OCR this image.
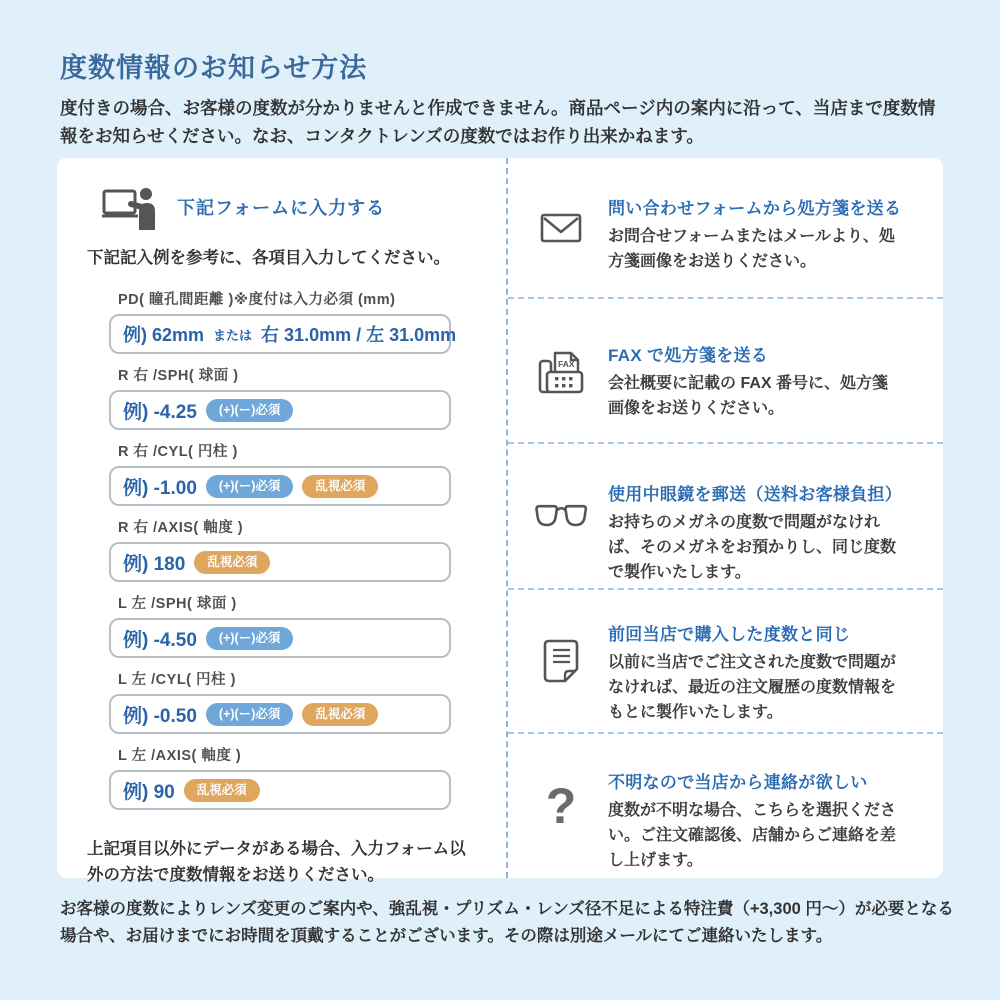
度数情報のお知らせ方法
度付きの場合、お客様の度数が分かりませんと作成できません。商品ページ内の案内に沿って、当店まで度数情報をお知らせください。なお、コンタクトレンズの度数ではお作り出来かねます。
下記フォームに入力する
下記記入例を参考に、各項目入力してください。
PD( 瞳孔間距離 )※度付は入力必須 (mm)
例) 62mm または 右 31.0mm / 左 31.0mm
R 右 /SPH( 球面 )
例) -4.25	(+)(ー)必須
R 右 /CYL( 円柱 )
例) -1.00	(+)(ー)必須	乱視必須
R 右 /AXIS( 軸度 )
例) 180	乱視必須
L 左 /SPH( 球面 )
例) -4.50	(+)(ー)必須
L 左 /CYL( 円柱 )
例) -0.50	(+)(ー)必須	乱視必須
L 左 /AXIS( 軸度 )
例) 90	乱視必須
上記項目以外にデータがある場合、入力フォーム以外の方法で度数情報をお送りください。
問い合わせフォームから処方箋を送る
お問合せフォームまたはメールより、処方箋画像をお送りください。
FAX FAX で処方箋を送る
会社概要に記載の FAX 番号に、処方箋画像をお送りください。
使用中眼鏡を郵送（送料お客様負担）
お持ちのメガネの度数で問題がなければ、そのメガネをお預かりし、同じ度数で製作いたします。
前回当店で購入した度数と同じ
以前に当店でご注文された度数で問題がなければ、最近の注文履歴の度数情報をもとに製作いたします。
? 不明なので当店から連絡が欲しい
度数が不明な場合、こちらを選択ください。ご注文確認後、店舗からご連絡を差し上げます。
お客様の度数によりレンズ変更のご案内や、強乱視・プリズム・レンズ径不足による特注費（+3,300 円～）が必要となる場合や、お届けまでにお時間を頂戴することがございます。その際は別途メールにてご連絡いたします。
